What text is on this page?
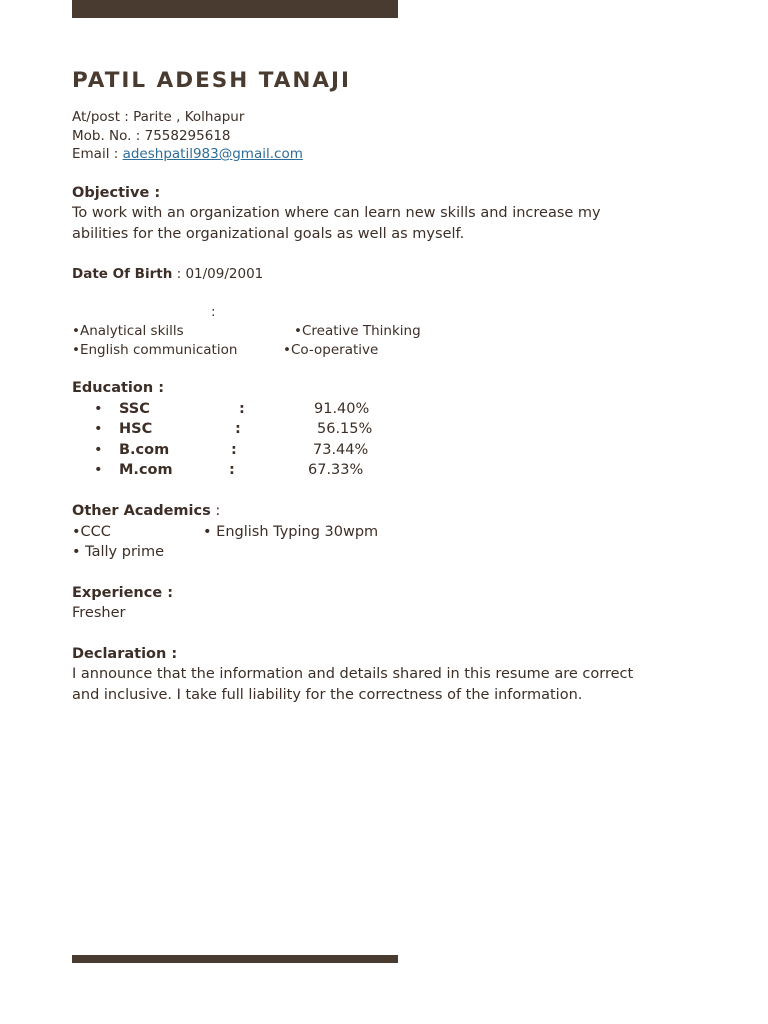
PATIL ADESH TANAJI
At/post : Parite , Kolhapur
Mob. No. : 7558295618
Email : adeshpatil983@gmail.com
Objective :
To work with an organization where can learn new skills and increase my
abilities for the organizational goals as well as myself.
Date Of Birth : 01/09/2001
:
•Analytical skills	•Creative Thinking
•English communication	•Co-operative
Education :
• SSC	:	91.40%
• HSC	:	56.15%
• B.com	:	73.44%
• M.com	:	67.33%
Other Academics :
•CCC	• English Typing 30wpm
• Tally prime
Experience :
Fresher
Declaration :
I announce that the information and details shared in this resume are correct
and inclusive. I take full liability for the correctness of the information.
